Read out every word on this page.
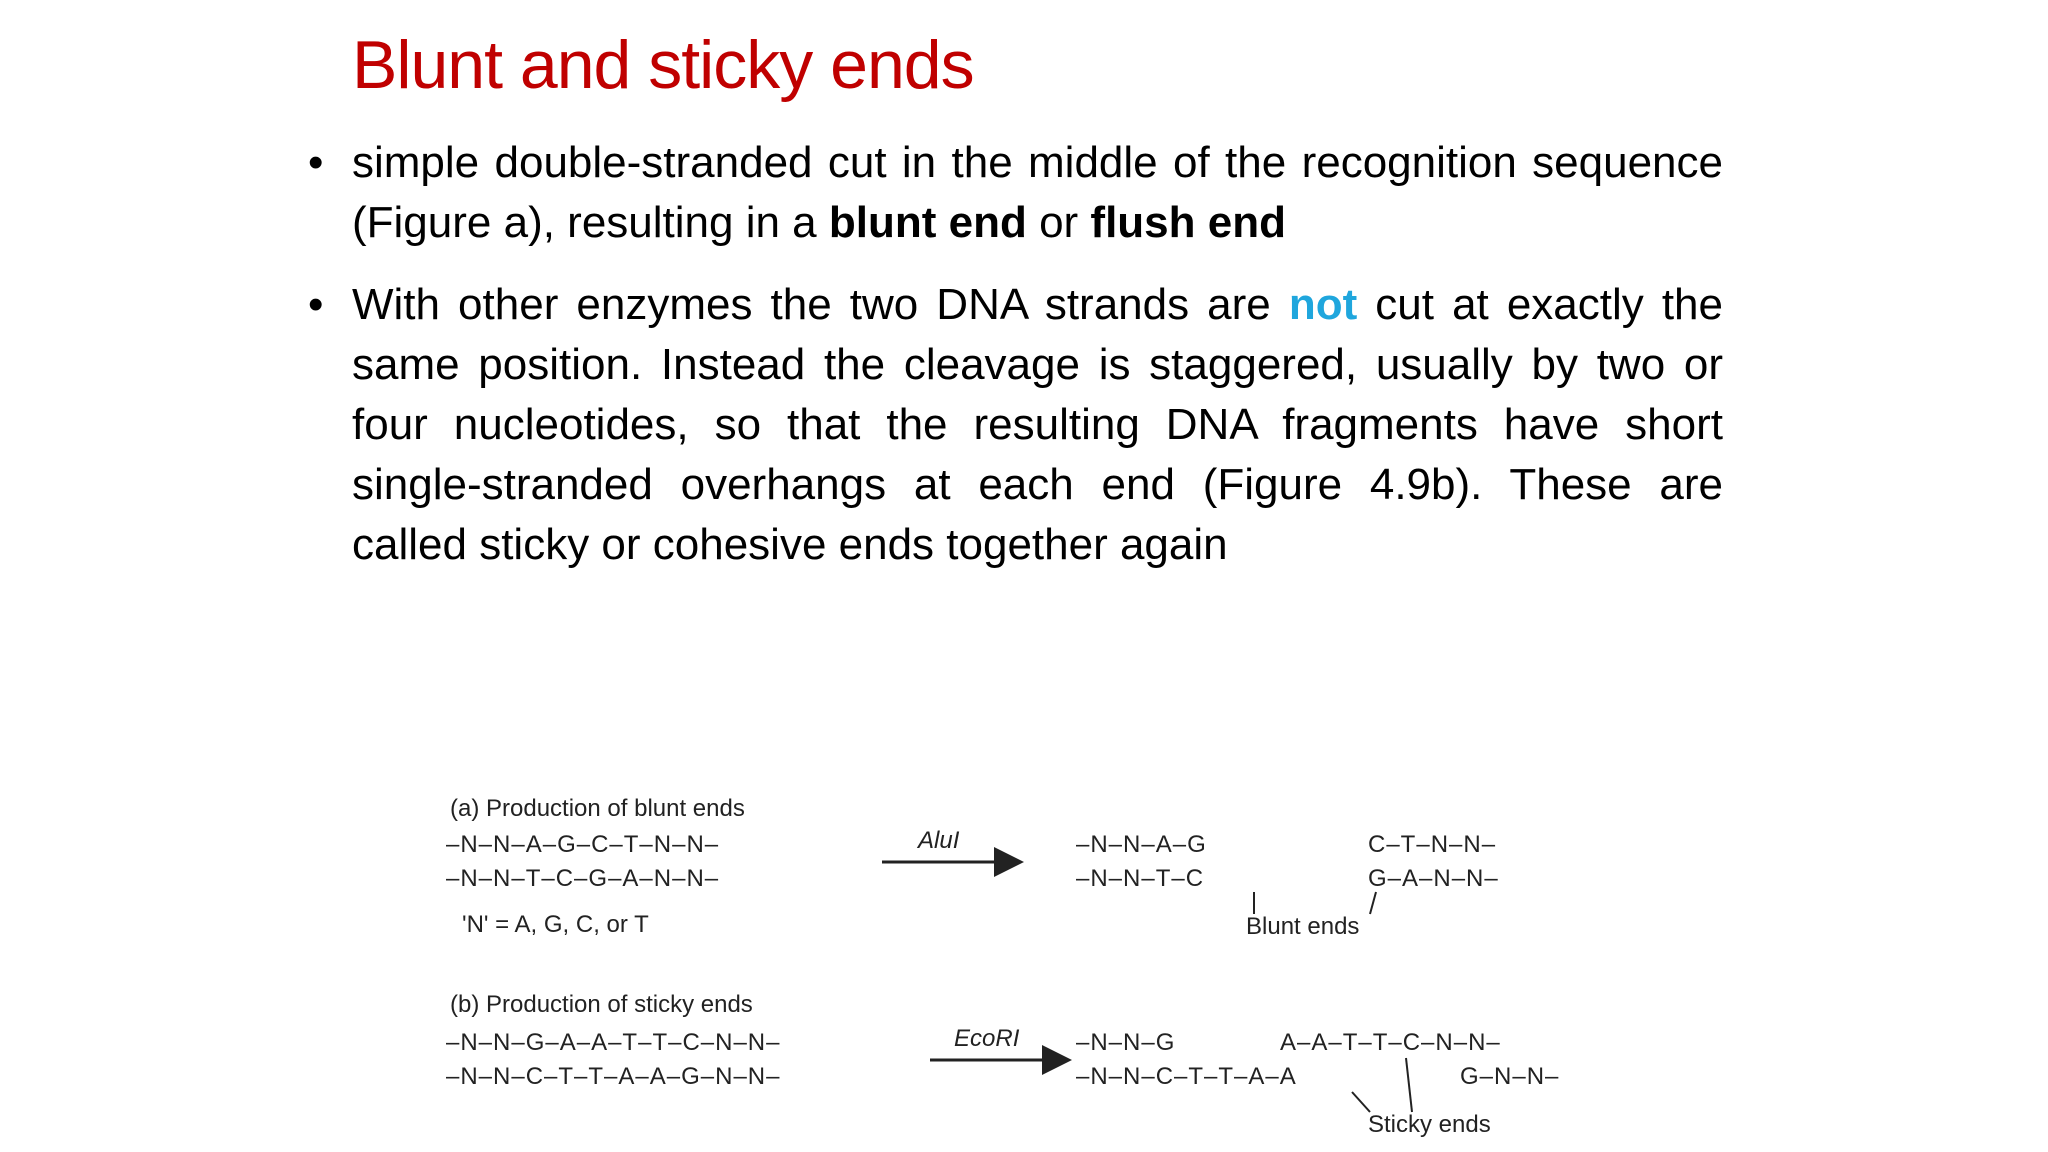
Blunt and sticky ends

• simple double-stranded cut in the middle of the recognition sequence (Figure a), resulting in a blunt end or flush end

• With other enzymes the two DNA strands are not cut at exactly the same position. Instead the cleavage is staggered, usually by two or four nucleotides, so that the resulting DNA fragments have short single-stranded overhangs at each end (Figure 4.9b). These are called sticky or cohesive ends together again

(a) Production of blunt ends
–N–N–A–G–C–T–N–N–
–N–N–T–C–G–A–N–N–
'N' = A, G, C, or T
AluI	–N–N–A–G
–N–N–T–C
C–T–N–N–
G–A–N–N–
Blunt ends
(b) Production of sticky ends
–N–N–G–A–A–T–T–C–N–N–
–N–N–C–T–T–A–A–G–N–N–
EcoRI –N–N–G
–N–N–C–T–T–A–A
A–A–T–T–C–N–N–
G–N–N–
Sticky ends
